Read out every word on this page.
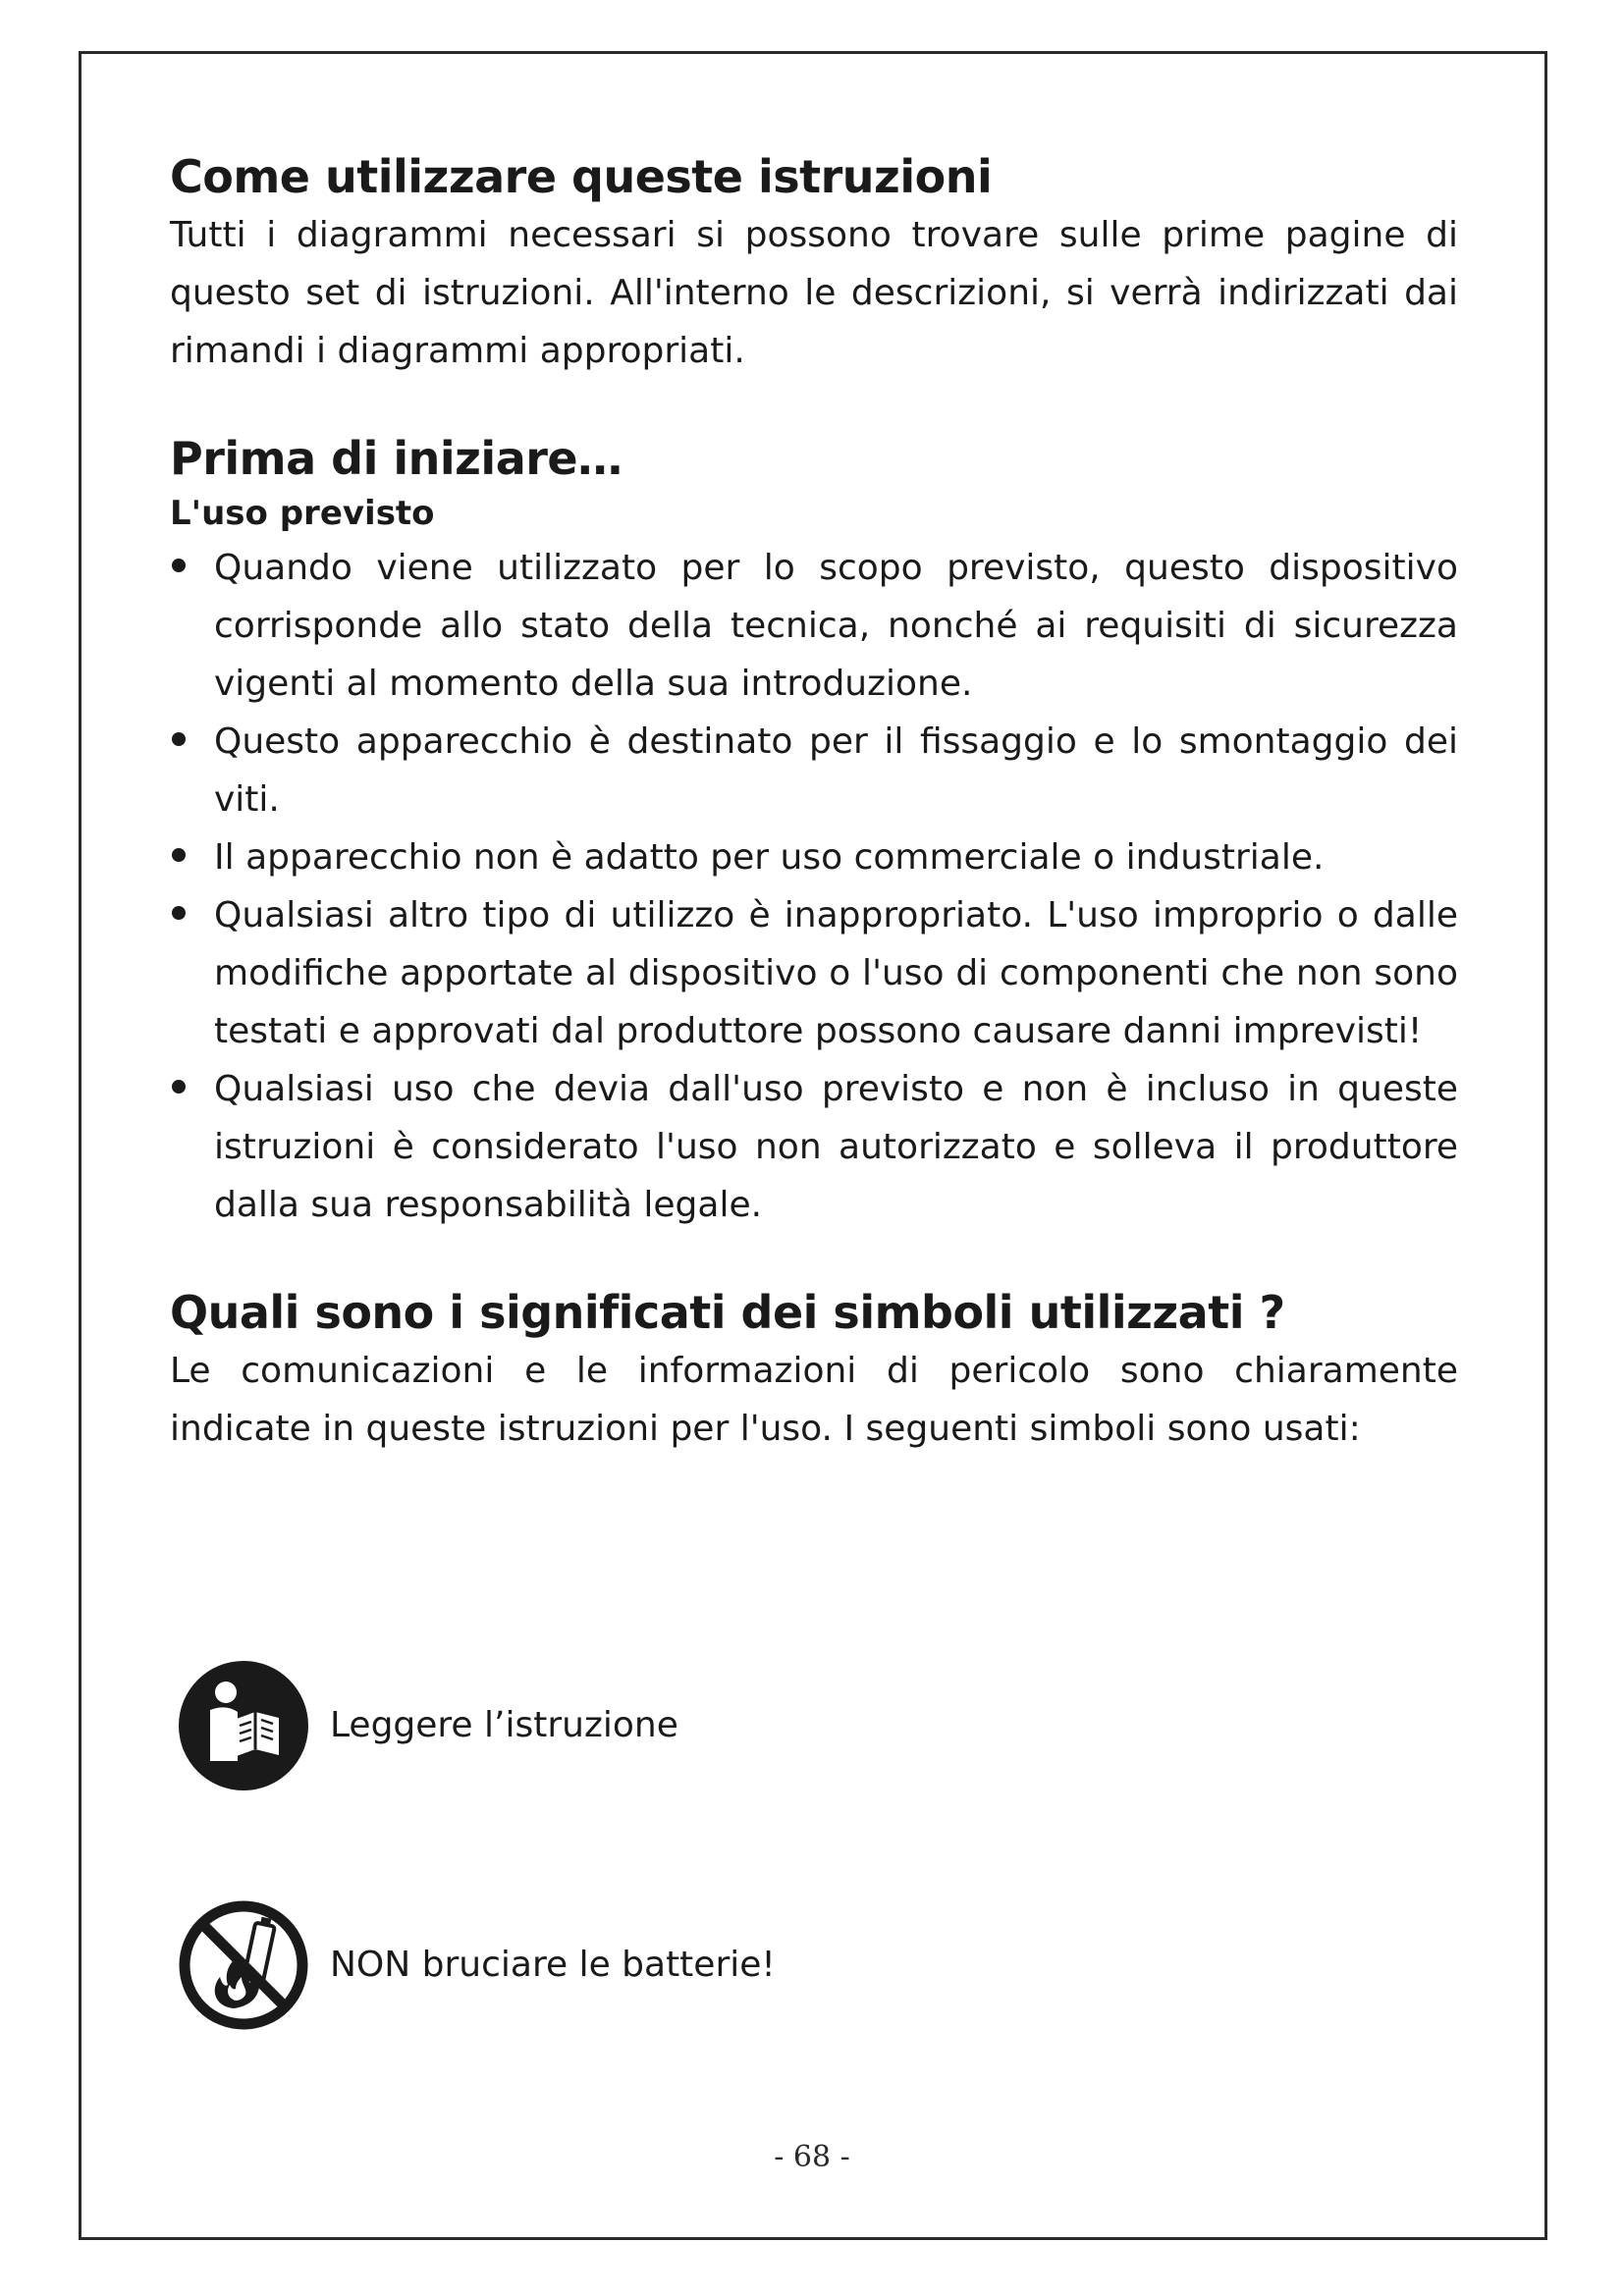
Come utilizzare queste istruzioni

Tutti i diagrammi necessari si possono trovare sulle prime pagine di questo set di istruzioni. All'interno le descrizioni, si verrà indirizzati dai rimandi i diagrammi appropriati.

Prima di iniziare…
L'uso previsto
Quando viene utilizzato per lo scopo previsto, questo dispositivo corrisponde allo stato della tecnica, nonché ai requisiti di sicurezza vigenti al momento della sua introduzione.
Questo apparecchio è destinato per il fissaggio e lo smontaggio dei viti.
Il apparecchio non è adatto per uso commerciale o industriale.
Qualsiasi altro tipo di utilizzo è inappropriato. L'uso improprio o dalle modifiche apportate al dispositivo o l'uso di componenti che non sono testati e approvati dal produttore possono causare danni imprevisti!
Qualsiasi uso che devia dall'uso previsto e non è incluso in queste istruzioni è considerato l'uso non autorizzato e solleva il produttore dalla sua responsabilità legale.
Quali sono i significati dei simboli utilizzati ?

Le comunicazioni e le informazioni di pericolo sono chiaramente indicate in queste istruzioni per l'uso. I seguenti simboli sono usati:

Leggere l’istruzione
NON bruciare le batterie!
- 68 -
